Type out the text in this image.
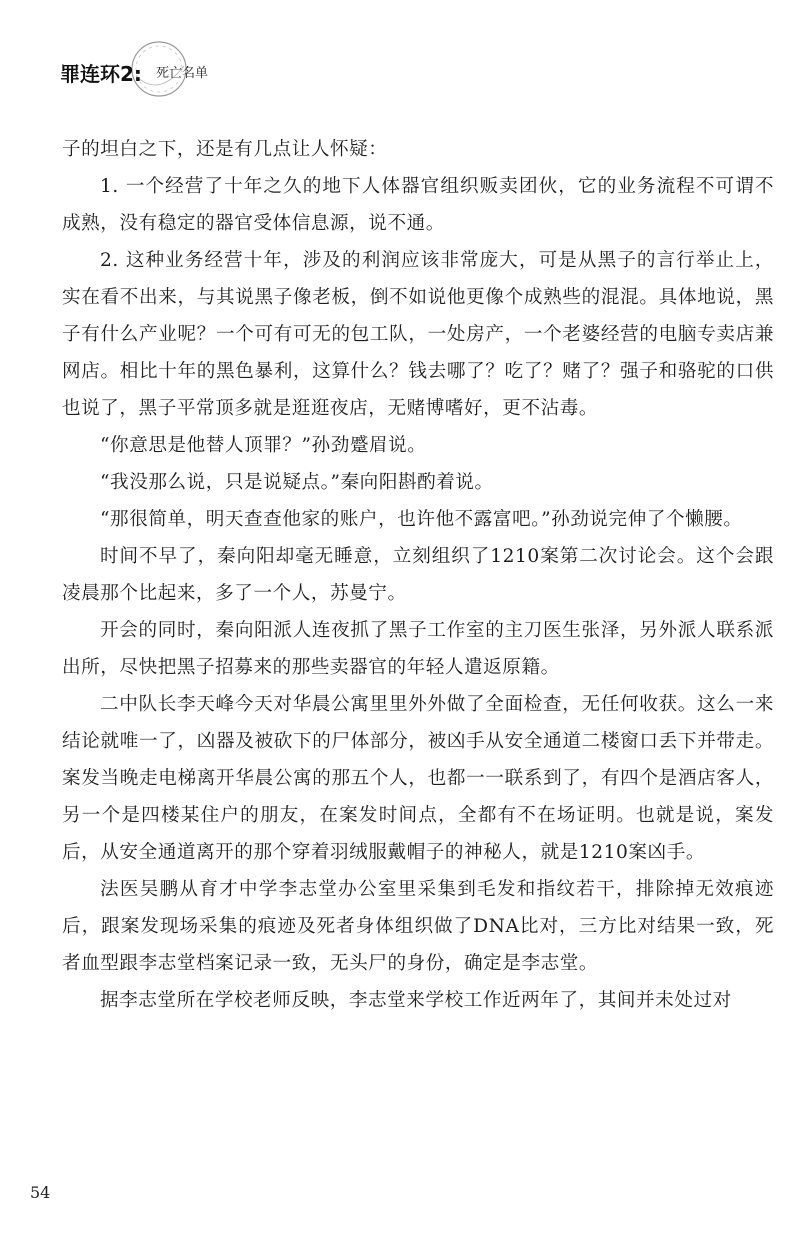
罪连环2: 死亡名单

子的坦白之下，还是有几点让人怀疑：

1. 一个经营了十年之久的地下人体器官组织贩卖团伙，它的业务流程不可谓不成熟，没有稳定的器官受体信息源，说不通。

2. 这种业务经营十年，涉及的利润应该非常庞大，可是从黑子的言行举止上，实在看不出来，与其说黑子像老板，倒不如说他更像个成熟些的混混。具体地说，黑子有什么产业呢？一个可有可无的包工队，一处房产，一个老婆经营的电脑专卖店兼网店。相比十年的黑色暴利，这算什么？钱去哪了？吃了？赌了？强子和骆驼的口供也说了，黑子平常顶多就是逛逛夜店，无赌博嗜好，更不沾毒。

“你意思是他替人顶罪？”孙劲蹙眉说。

“我没那么说，只是说疑点。”秦向阳斟酌着说。

“那很简单，明天查查他家的账户，也许他不露富吧。”孙劲说完伸了个懒腰。

时间不早了，秦向阳却毫无睡意，立刻组织了1210案第二次讨论会。这个会跟凌晨那个比起来，多了一个人，苏曼宁。

开会的同时，秦向阳派人连夜抓了黑子工作室的主刀医生张泽，另外派人联系派出所，尽快把黑子招募来的那些卖器官的年轻人遣返原籍。

二中队长李天峰今天对华晨公寓里里外外做了全面检查，无任何收获。这么一来结论就唯一了，凶器及被砍下的尸体部分，被凶手从安全通道二楼窗口丢下并带走。案发当晚走电梯离开华晨公寓的那五个人，也都一一联系到了，有四个是酒店客人，另一个是四楼某住户的朋友，在案发时间点，全都有不在场证明。也就是说，案发后，从安全通道离开的那个穿着羽绒服戴帽子的神秘人，就是1210案凶手。

法医吴鹏从育才中学李志堂办公室里采集到毛发和指纹若干，排除掉无效痕迹后，跟案发现场采集的痕迹及死者身体组织做了DNA比对，三方比对结果一致，死者血型跟李志堂档案记录一致，无头尸的身份，确定是李志堂。

据李志堂所在学校老师反映，李志堂来学校工作近两年了，其间并未处过对

54
